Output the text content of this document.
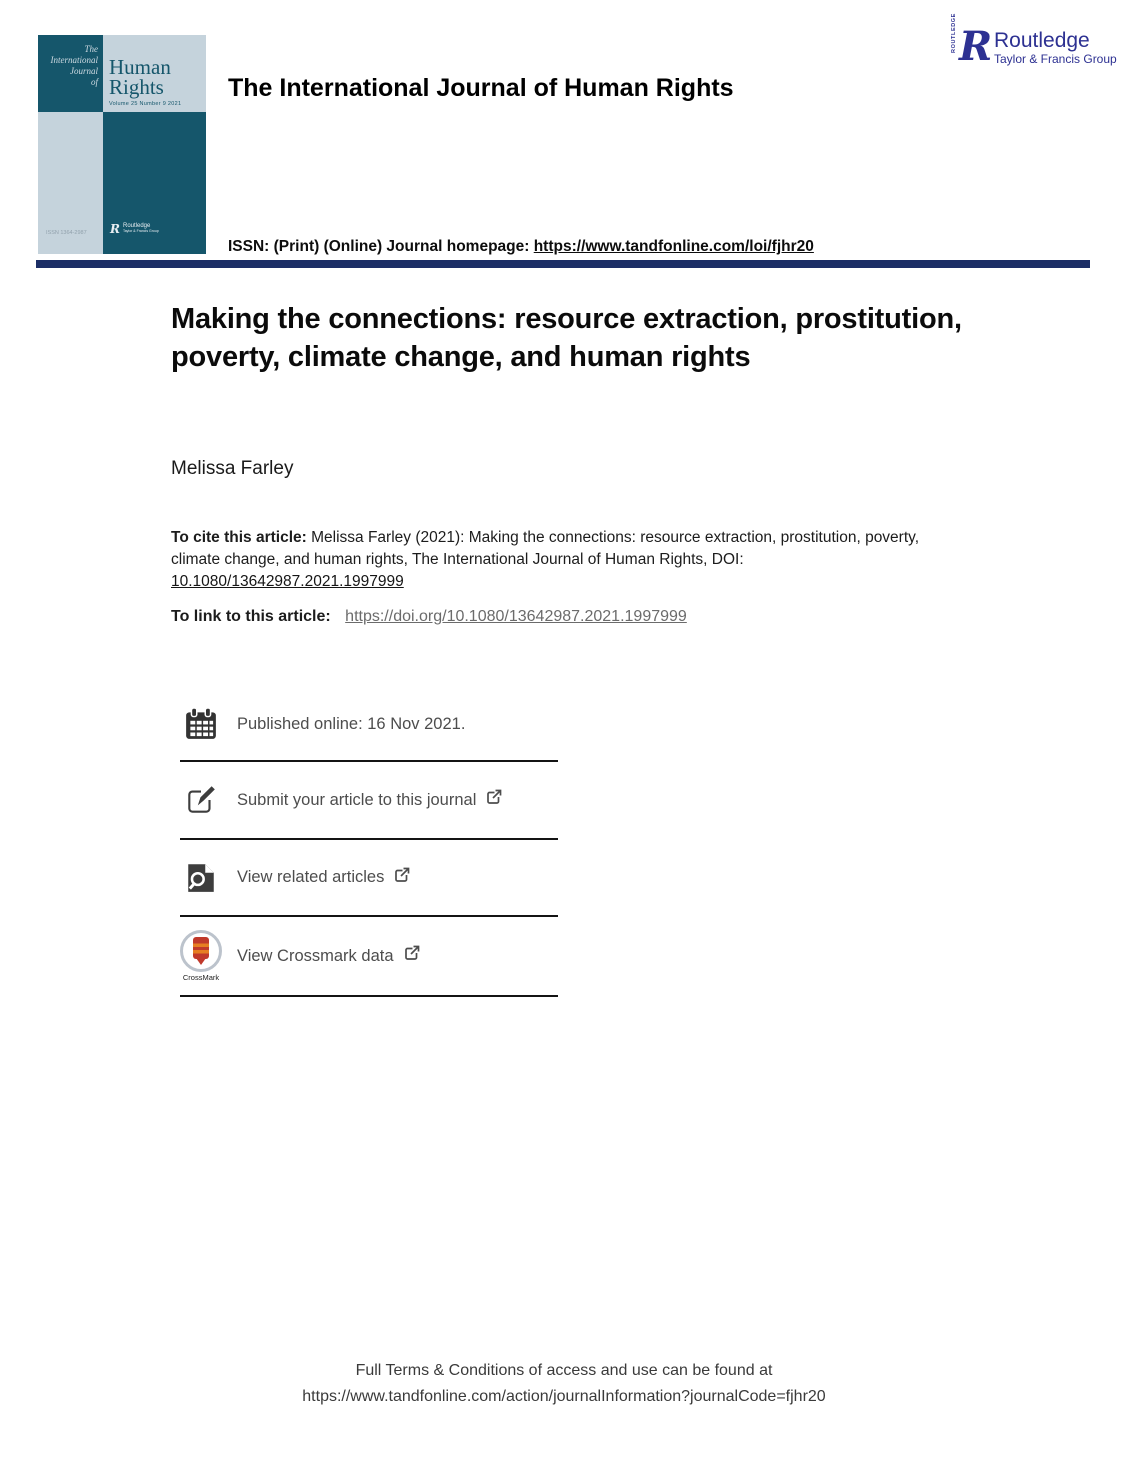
The
International
Journal
of
Human
Rights
Volume 25 Number 9 2021
ISSN 1364-2987 R Routledge
Taylor & Francis Group
ROUTLEDGE R Routledge
Taylor & Francis Group
The International Journal of Human Rights
ISSN: (Print) (Online) Journal homepage: https://www.tandfonline.com/loi/fjhr20
Making the connections: resource extraction, prostitution, poverty, climate change, and human rights
Melissa Farley
To cite this article: Melissa Farley (2021): Making the connections: resource extraction, prostitution, poverty, climate change, and human rights, The International Journal of Human Rights, DOI: 10.1080/13642987.2021.1997999
To link to this article: https://doi.org/10.1080/13642987.2021.1997999
Published online: 16 Nov 2021.
Submit your article to this journal
View related articles
CrossMark
View Crossmark data
Full Terms & Conditions of access and use can be found at
https://www.tandfonline.com/action/journalInformation?journalCode=fjhr20
